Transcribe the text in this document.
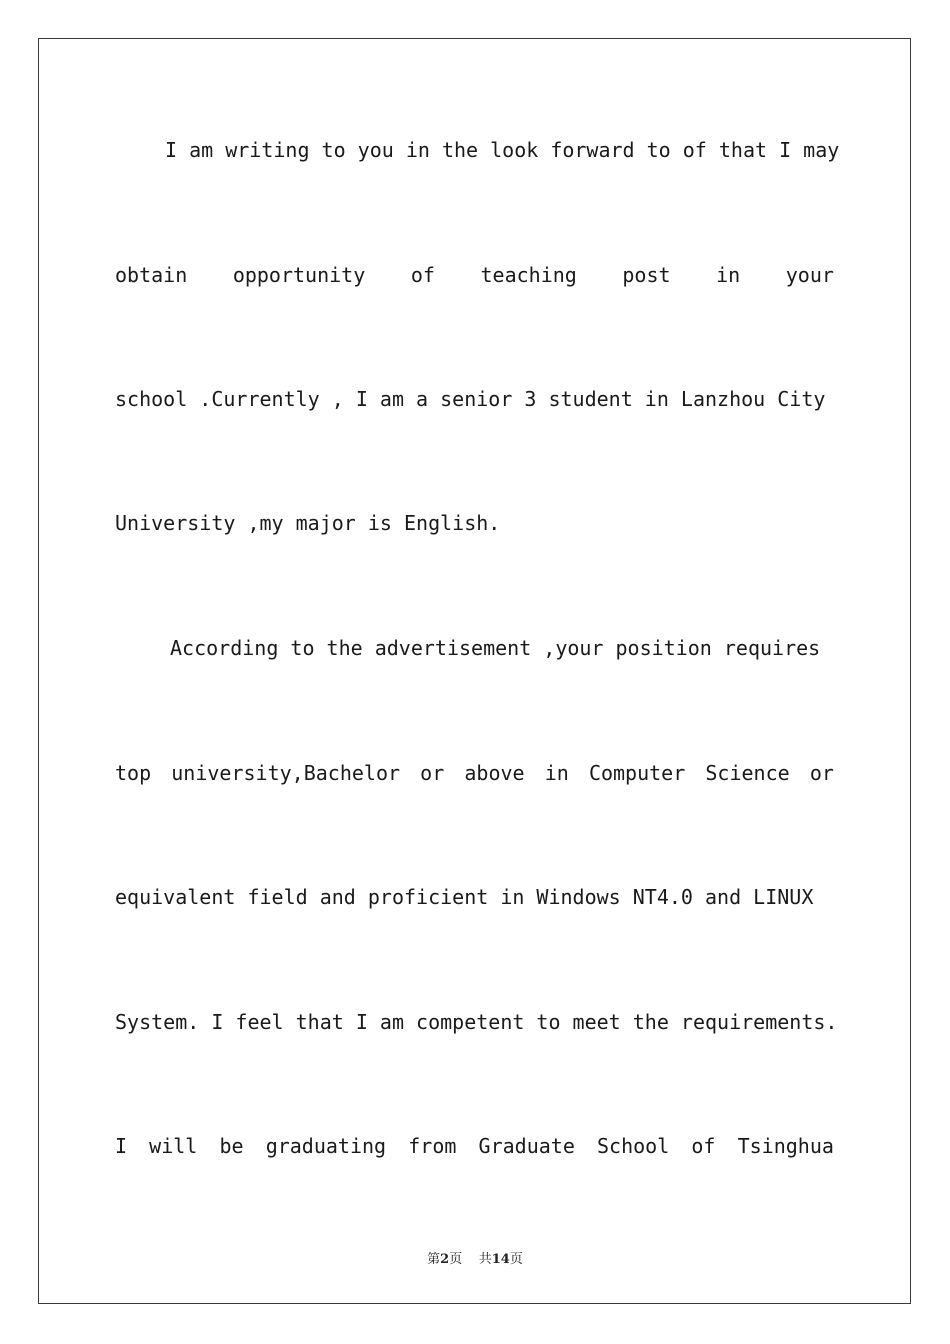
I am writing to you in the look forward to of that I may
obtain opportunity of teaching post in your
school .Currently , I am a senior 3 student in Lanzhou City
University ,my major is English.
According to the advertisement ,your position requires
top university,Bachelor or above in Computer Science or
equivalent field and proficient in Windows NT4.0 and LINUX
System. I feel that I am competent to meet the requirements.
I will be graduating from Graduate School of Tsinghua
第2页 共14页
